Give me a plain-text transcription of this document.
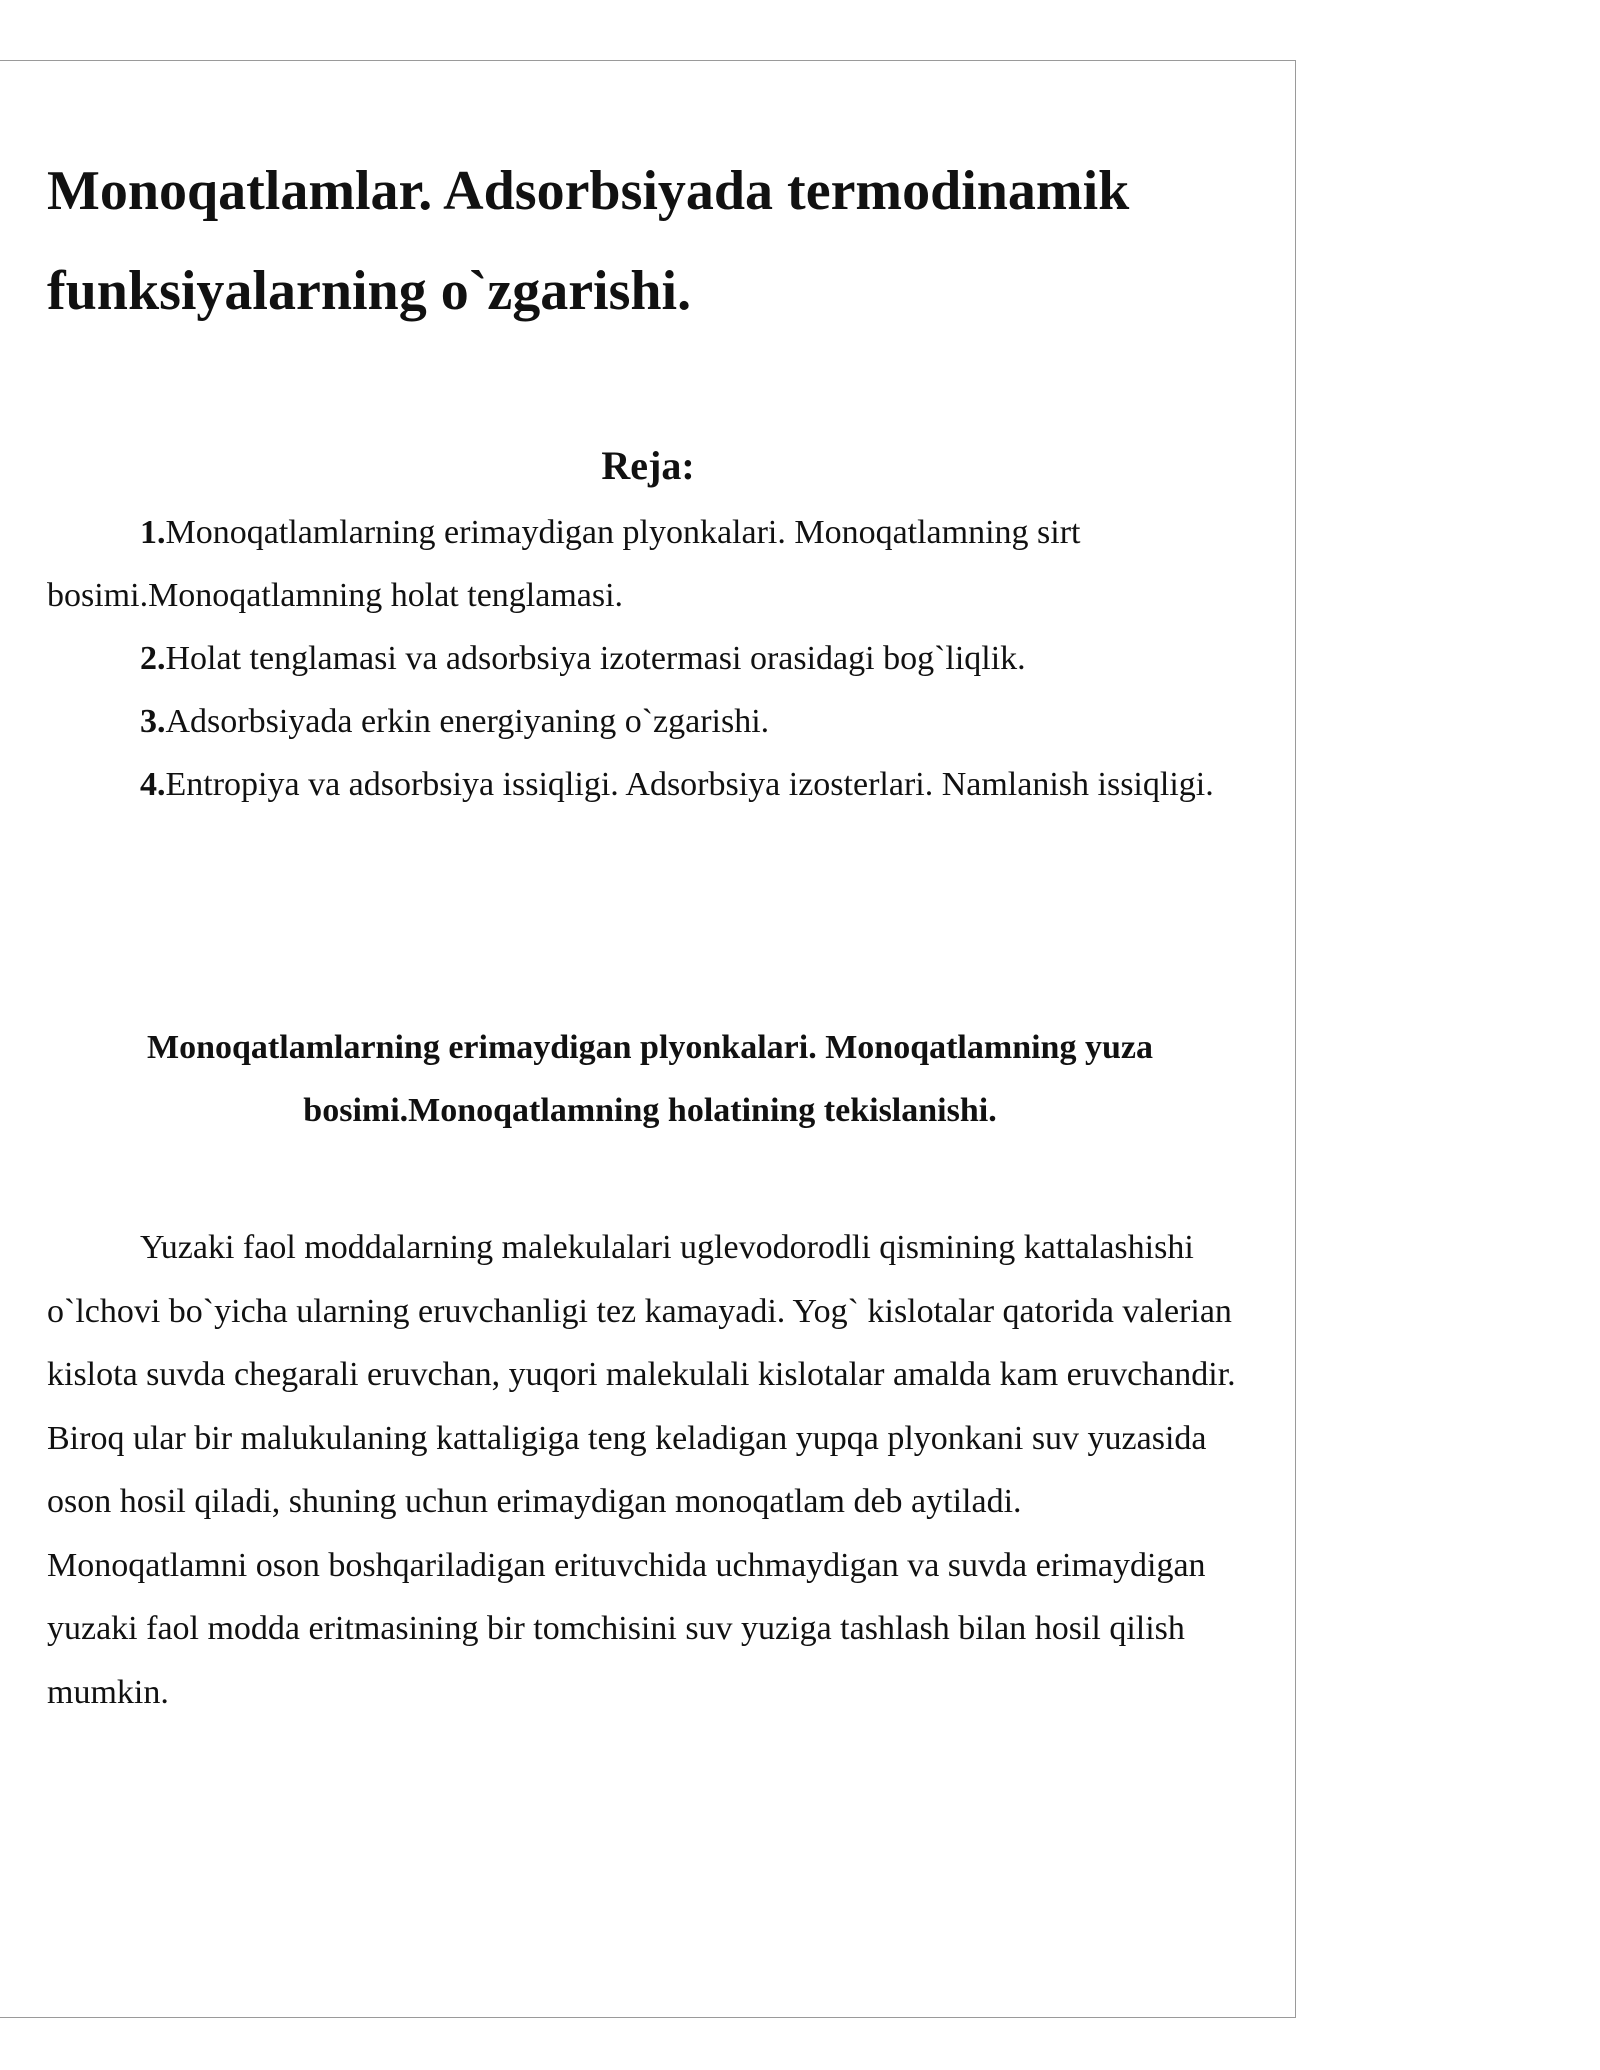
Monoqatlamlar. Adsorbsiyada termodinamik funksiyalarning o`zgarishi.
Reja:
1.Monoqatlamlarning erimaydigan plyonkalari. Monoqatlamning sirt bosimi.Monoqatlamning holat tenglamasi.
2.Holat tenglamasi va adsorbsiya izotermasi orasidagi bog`liqlik.
3.Adsorbsiyada erkin energiyaning o`zgarishi.
4.Entropiya va adsorbsiya issiqligi. Adsorbsiya izosterlari. Namlanish issiqligi.
Monoqatlamlarning erimaydigan plyonkalari. Monoqatlamning yuza bosimi.Monoqatlamning holatining tekislanishi.

Yuzaki faol moddalarning malekulalari uglevodorodli qismining kattalashishi o`lchovi bo`yicha ularning eruvchanligi tez kamayadi. Yog` kislotalar qatorida valerian kislota suvda chegarali eruvchan, yuqori malekulali kislotalar amalda kam eruvchandir. Biroq ular bir malukulaning kattaligiga teng keladigan yupqa plyonkani suv yuzasida oson hosil qiladi, shuning uchun erimaydigan monoqatlam deb aytiladi.

Monoqatlamni oson boshqariladigan erituvchida uchmaydigan va suvda erimaydigan yuzaki faol modda eritmasining bir tomchisini suv yuziga tashlash bilan hosil qilish mumkin.
